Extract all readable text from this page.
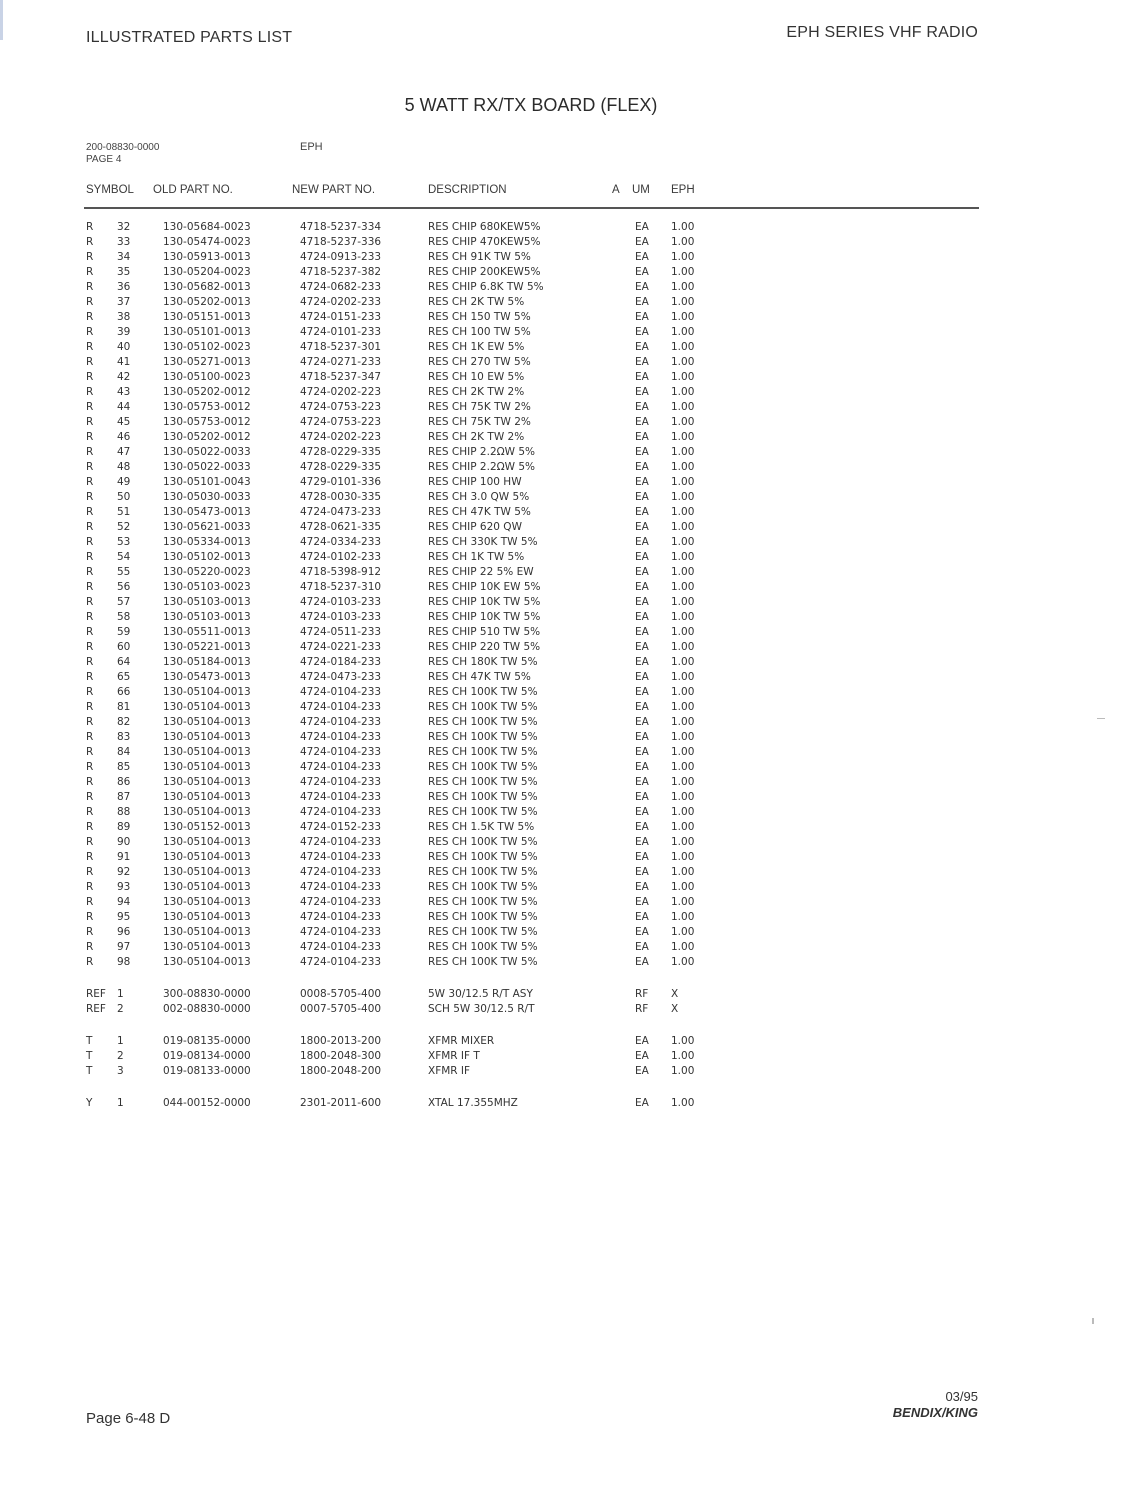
ILLUSTRATED PARTS LIST	EPH SERIES VHF RADIO
5 WATT RX/TX BOARD (FLEX)
200-08830-0000
PAGE 4
EPH
SYMBOL OLD PART NO.	NEW PART NO.	DESCRIPTION	A UM EPH
R 32	130-05684-0023	4718-5237-334	RES CHIP 680KEW5%	EA 1.00
R 33	130-05474-0023	4718-5237-336	RES CHIP 470KEW5%	EA 1.00
R 34	130-05913-0013	4724-0913-233	RES CH 91K TW 5%	EA 1.00
R 35	130-05204-0023	4718-5237-382	RES CHIP 200KEW5%	EA 1.00
R 36	130-05682-0013	4724-0682-233	RES CHIP 6.8K TW 5%	EA 1.00
R 37	130-05202-0013	4724-0202-233	RES CH 2K TW 5%	EA 1.00
R 38	130-05151-0013	4724-0151-233	RES CH 150 TW 5%	EA 1.00
R 39	130-05101-0013	4724-0101-233	RES CH 100 TW 5%	EA 1.00
R 40	130-05102-0023	4718-5237-301	RES CH 1K EW 5%	EA 1.00
R 41	130-05271-0013	4724-0271-233	RES CH 270 TW 5%	EA 1.00
R 42	130-05100-0023	4718-5237-347	RES CH 10 EW 5%	EA 1.00
R 43	130-05202-0012	4724-0202-223	RES CH 2K TW 2%	EA 1.00
R 44	130-05753-0012	4724-0753-223	RES CH 75K TW 2%	EA 1.00
R 45	130-05753-0012	4724-0753-223	RES CH 75K TW 2%	EA 1.00
R 46	130-05202-0012	4724-0202-223	RES CH 2K TW 2%	EA 1.00
R 47	130-05022-0033	4728-0229-335	RES CHIP 2.2ΩW 5%	EA 1.00
R 48	130-05022-0033	4728-0229-335	RES CHIP 2.2ΩW 5%	EA 1.00
R 49	130-05101-0043	4729-0101-336	RES CHIP 100 HW	EA 1.00
R 50	130-05030-0033	4728-0030-335	RES CH 3.0 QW 5%	EA 1.00
R 51	130-05473-0013	4724-0473-233	RES CH 47K TW 5%	EA 1.00
R 52	130-05621-0033	4728-0621-335	RES CHIP 620 QW	EA 1.00
R 53	130-05334-0013	4724-0334-233	RES CH 330K TW 5%	EA 1.00
R 54	130-05102-0013	4724-0102-233	RES CH 1K TW 5%	EA 1.00
R 55	130-05220-0023	4718-5398-912	RES CHIP 22 5% EW	EA 1.00
R 56	130-05103-0023	4718-5237-310	RES CHIP 10K EW 5%	EA 1.00
R 57	130-05103-0013	4724-0103-233	RES CHIP 10K TW 5%	EA 1.00
R 58	130-05103-0013	4724-0103-233	RES CHIP 10K TW 5%	EA 1.00
R 59	130-05511-0013	4724-0511-233	RES CHIP 510 TW 5%	EA 1.00
R 60	130-05221-0013	4724-0221-233	RES CHIP 220 TW 5%	EA 1.00
R 64	130-05184-0013	4724-0184-233	RES CH 180K TW 5%	EA 1.00
R 65	130-05473-0013	4724-0473-233	RES CH 47K TW 5%	EA 1.00
R 66	130-05104-0013	4724-0104-233	RES CH 100K TW 5%	EA 1.00
R 81	130-05104-0013	4724-0104-233	RES CH 100K TW 5%	EA 1.00
R 82	130-05104-0013	4724-0104-233	RES CH 100K TW 5%	EA 1.00
R 83	130-05104-0013	4724-0104-233	RES CH 100K TW 5%	EA 1.00
R 84	130-05104-0013	4724-0104-233	RES CH 100K TW 5%	EA 1.00
R 85	130-05104-0013	4724-0104-233	RES CH 100K TW 5%	EA 1.00
R 86	130-05104-0013	4724-0104-233	RES CH 100K TW 5%	EA 1.00
R 87	130-05104-0013	4724-0104-233	RES CH 100K TW 5%	EA 1.00
R 88	130-05104-0013	4724-0104-233	RES CH 100K TW 5%	EA 1.00
R 89	130-05152-0013	4724-0152-233	RES CH 1.5K TW 5%	EA 1.00
R 90	130-05104-0013	4724-0104-233	RES CH 100K TW 5%	EA 1.00
R 91	130-05104-0013	4724-0104-233	RES CH 100K TW 5%	EA 1.00
R 92	130-05104-0013	4724-0104-233	RES CH 100K TW 5%	EA 1.00
R 93	130-05104-0013	4724-0104-233	RES CH 100K TW 5%	EA 1.00
R 94	130-05104-0013	4724-0104-233	RES CH 100K TW 5%	EA 1.00
R 95	130-05104-0013	4724-0104-233	RES CH 100K TW 5%	EA 1.00
R 96	130-05104-0013	4724-0104-233	RES CH 100K TW 5%	EA 1.00
R 97	130-05104-0013	4724-0104-233	RES CH 100K TW 5%	EA 1.00
R 98	130-05104-0013	4724-0104-233	RES CH 100K TW 5%	EA 1.00
REF 1	300-08830-0000	0008-5705-400	5W 30/12.5 R/T ASY	RF X
REF 2	002-08830-0000	0007-5705-400	SCH 5W 30/12.5 R/T	RF X
T 1	019-08135-0000	1800-2013-200	XFMR MIXER	EA 1.00
T 2	019-08134-0000	1800-2048-300	XFMR IF T	EA 1.00
T 3	019-08133-0000	1800-2048-200	XFMR IF	EA 1.00
Y 1	044-00152-0000	2301-2011-600	XTAL 17.355MHZ	EA 1.00
Page 6-48 D
03/95
BENDIX/KING
